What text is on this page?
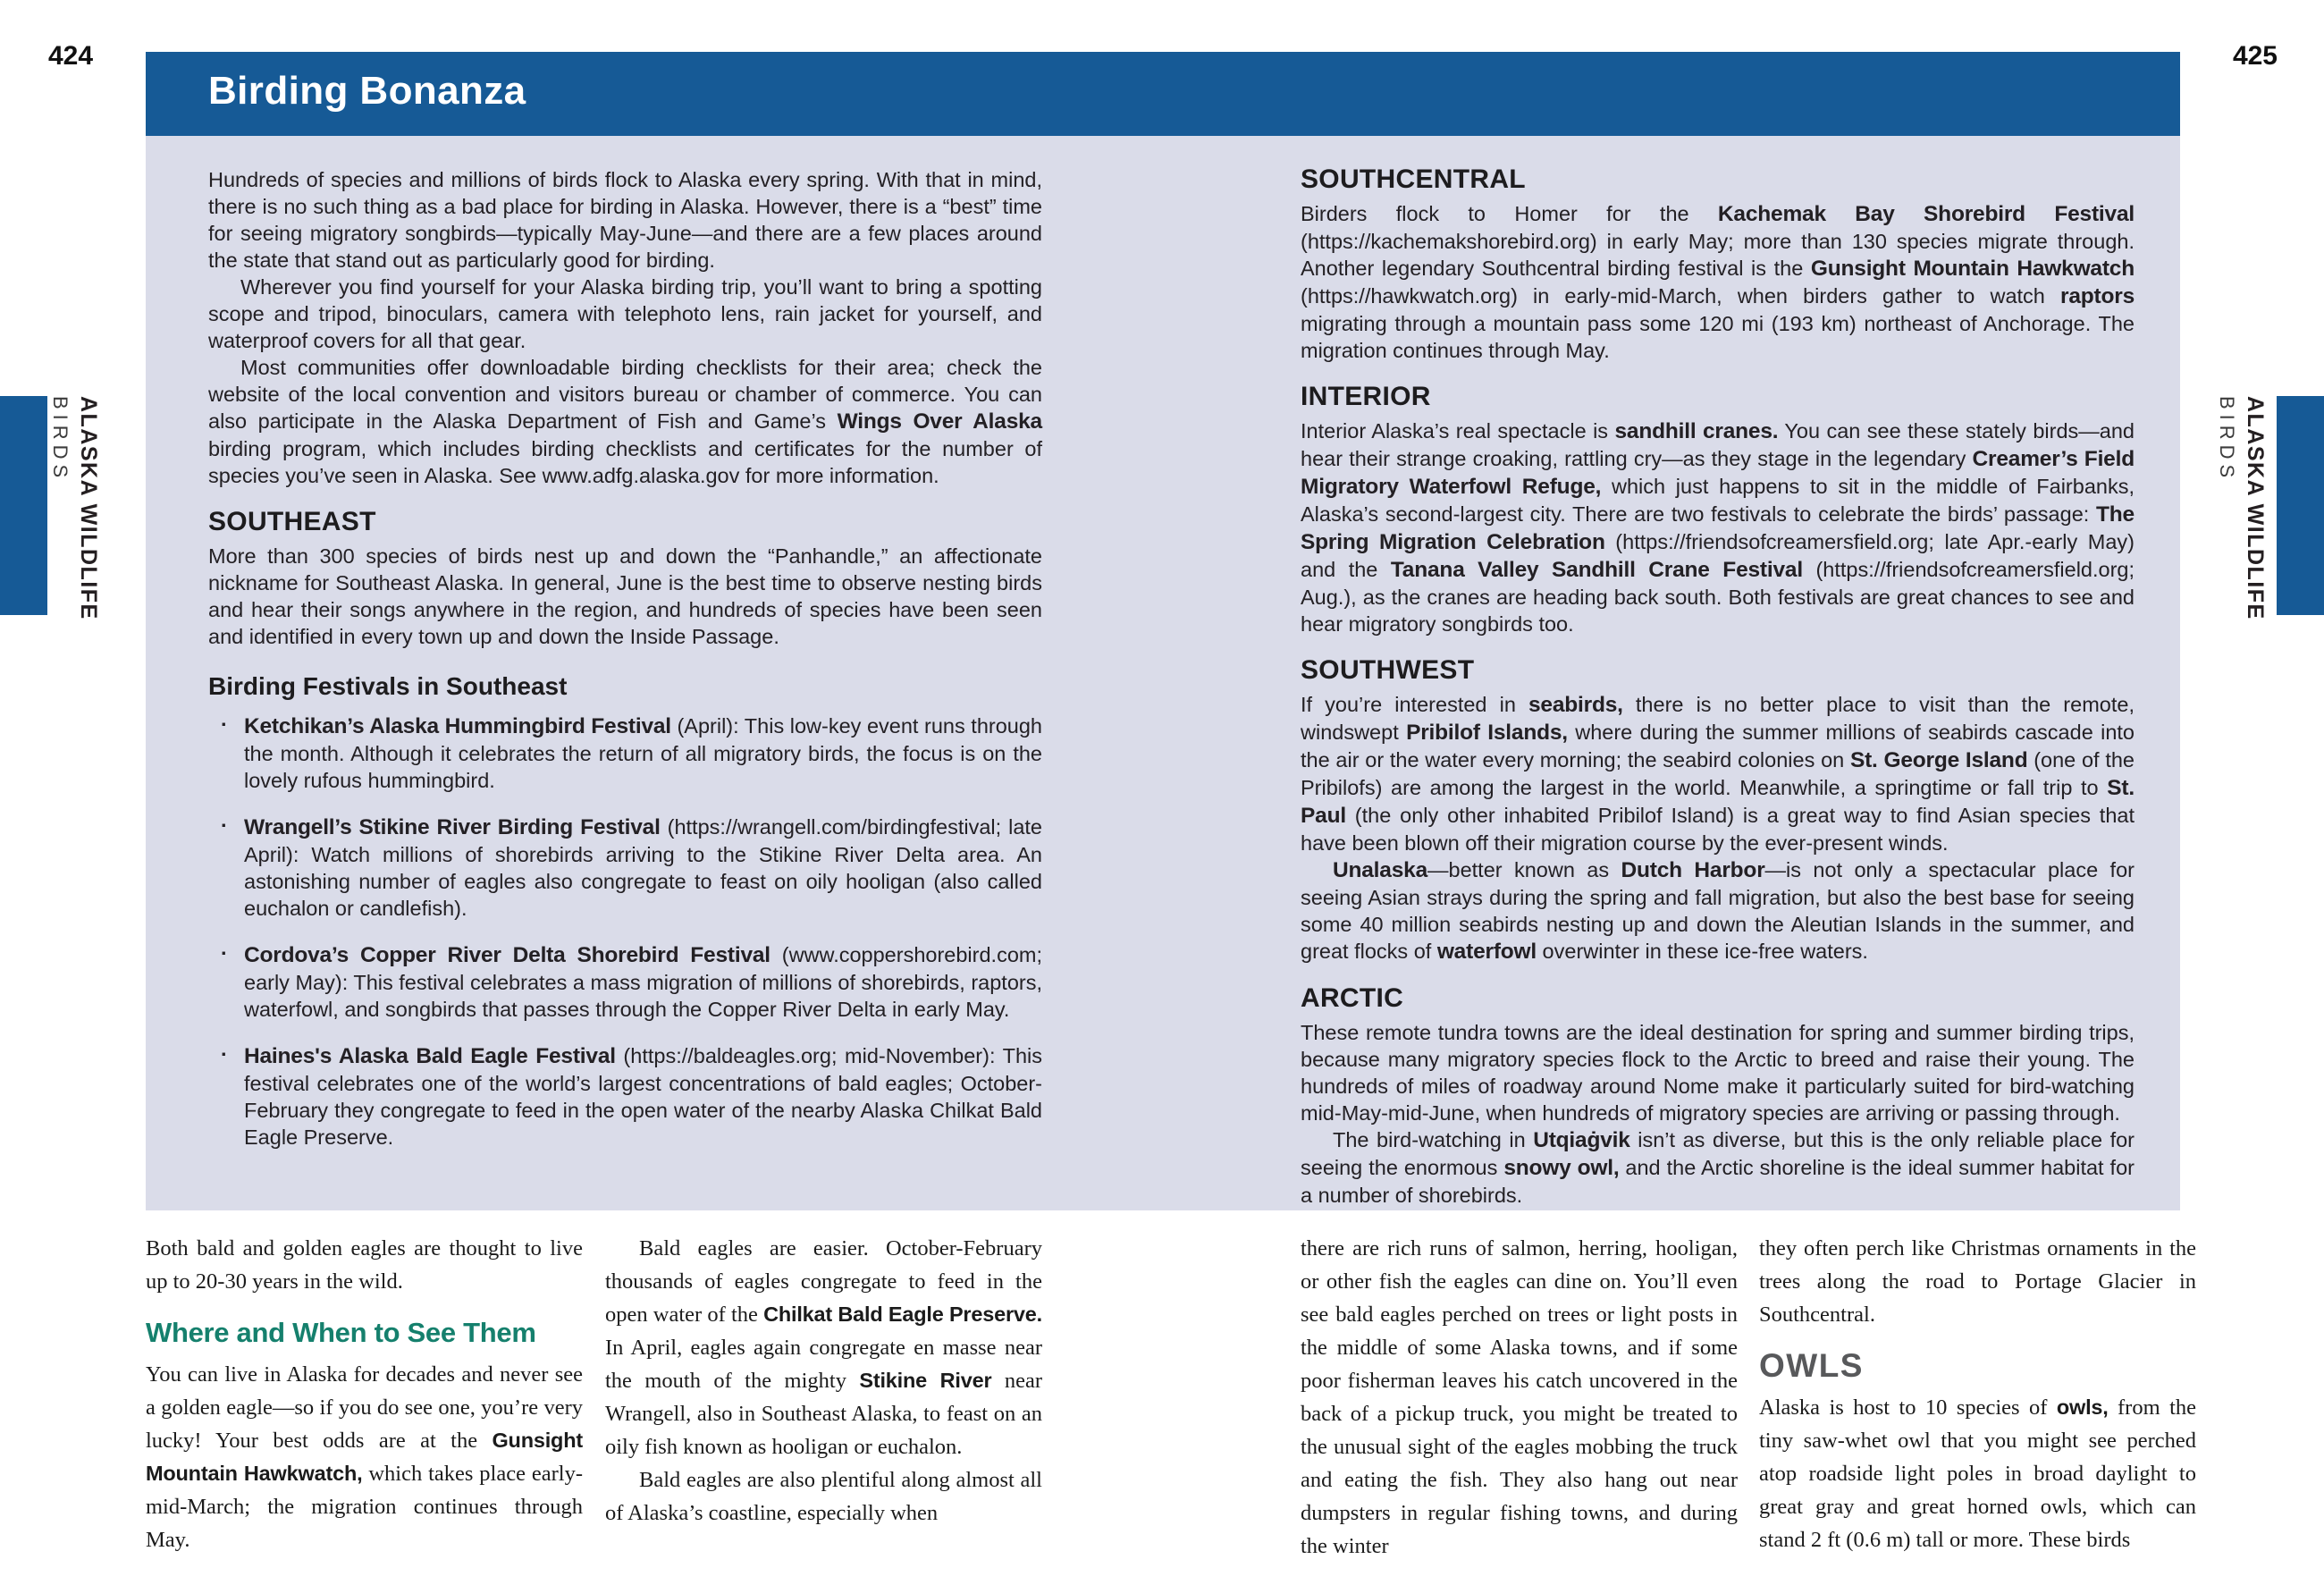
424	425
Birding Bonanza

Hundreds of species and millions of birds flock to Alaska every spring. With that in mind, there is no such thing as a bad place for birding in Alaska. However, there is a “best” time for seeing migratory songbirds—typically May-June—and there are a few places around the state that stand out as particularly good for birding.

Wherever you find yourself for your Alaska birding trip, you’ll want to bring a spotting scope and tripod, binoculars, camera with telephoto lens, rain jacket for yourself, and waterproof covers for all that gear.

Most communities offer downloadable birding checklists for their area; check the website of the local convention and visitors bureau or chamber of commerce. You can also participate in the Alaska Department of Fish and Game’s Wings Over Alaska birding program, which includes birding checklists and certificates for the number of species you’ve seen in Alaska. See www.adfg.alaska.gov for more information.

SOUTHEAST

More than 300 species of birds nest up and down the “Panhandle,” an affectionate nickname for Southeast Alaska. In general, June is the best time to observe nesting birds and hear their songs anywhere in the region, and hundreds of species have been seen and identified in every town up and down the Inside Passage.

Birding Festivals in Southeast
· Ketchikan’s Alaska Hummingbird Festival (April): This low-key event runs through the month. Although it celebrates the return of all migratory birds, the focus is on the lovely rufous hummingbird.
· Wrangell’s Stikine River Birding Festival (https://wrangell.com/birdingfestival; late April): Watch millions of shorebirds arriving to the Stikine River Delta area. An astonishing number of eagles also congregate to feast on oily hooligan (also called euchalon or candlefish).
· Cordova’s Copper River Delta Shorebird Festival (www.coppershorebird.com; early May): This festival celebrates a mass migration of millions of shorebirds, raptors, waterfowl, and songbirds that passes through the Copper River Delta in early May.
· Haines's Alaska Bald Eagle Festival (https://baldeagles.org; mid-November): This festival celebrates one of the world’s largest concentrations of bald eagles; October-February they congregate to feed in the open water of the nearby Alaska Chilkat Bald Eagle Preserve.
SOUTHCENTRAL

Birders flock to Homer for the Kachemak Bay Shorebird Festival (https://kachemakshorebird.org) in early May; more than 130 species migrate through. Another legendary Southcentral birding festival is the Gunsight Mountain Hawkwatch (https://hawkwatch.org) in early-mid-March, when birders gather to watch raptors migrating through a mountain pass some 120 mi (193 km) northeast of Anchorage. The migration continues through May.

INTERIOR

Interior Alaska’s real spectacle is sandhill cranes. You can see these stately birds—and hear their strange croaking, rattling cry—as they stage in the legendary Creamer’s Field Migratory Waterfowl Refuge, which just happens to sit in the middle of Fairbanks, Alaska’s second-largest city. There are two festivals to celebrate the birds’ passage: The Spring Migration Celebration (https://friendsofcreamersfield.org; late Apr.-early May) and the Tanana Valley Sandhill Crane Festival (https://friendsofcreamersfield.org; Aug.), as the cranes are heading back south. Both festivals are great chances to see and hear migratory songbirds too.

SOUTHWEST

If you’re interested in seabirds, there is no better place to visit than the remote, windswept Pribilof Islands, where during the summer millions of seabirds cascade into the air or the water every morning; the seabird colonies on St. George Island (one of the Pribilofs) are among the largest in the world. Meanwhile, a springtime or fall trip to St. Paul (the only other inhabited Pribilof Island) is a great way to find Asian species that have been blown off their migration course by the ever-present winds.

Unalaska—better known as Dutch Harbor—is not only a spectacular place for seeing Asian strays during the spring and fall migration, but also the best base for seeing some 40 million seabirds nesting up and down the Aleutian Islands in the summer, and great flocks of waterfowl overwinter in these ice-free waters.

ARCTIC

These remote tundra towns are the ideal destination for spring and summer birding trips, because many migratory species flock to the Arctic to breed and raise their young. The hundreds of miles of roadway around Nome make it particularly suited for bird-watching mid-May-mid-June, when hundreds of migratory species are arriving or passing through.

The bird-watching in Utqiaġvik isn’t as diverse, but this is the only reliable place for seeing the enormous snowy owl, and the Arctic shoreline is the ideal summer habitat for a number of shorebirds.

Both bald and golden eagles are thought to live up to 20-30 years in the wild.

Where and When to See Them

You can live in Alaska for decades and never see a golden eagle—so if you do see one, you’re very lucky! Your best odds are at the Gunsight Mountain Hawkwatch, which takes place early-mid-March; the migration continues through May.

Bald eagles are easier. October-February thousands of eagles congregate to feed in the open water of the Chilkat Bald Eagle Preserve. In April, eagles again congregate en masse near the mouth of the mighty Stikine River near Wrangell, also in Southeast Alaska, to feast on an oily fish known as hooligan or euchalon.

Bald eagles are also plentiful along almost all of Alaska’s coastline, especially when

there are rich runs of salmon, herring, hooligan, or other fish the eagles can dine on. You’ll even see bald eagles perched on trees or light posts in the middle of some Alaska towns, and if some poor fisherman leaves his catch uncovered in the back of a pickup truck, you might be treated to the unusual sight of the eagles mobbing the truck and eating the fish. They also hang out near dumpsters in regular fishing towns, and during the winter

they often perch like Christmas ornaments in the trees along the road to Portage Glacier in Southcentral.

OWLS

Alaska is host to 10 species of owls, from the tiny saw-whet owl that you might see perched atop roadside light poles in broad daylight to great gray and great horned owls, which can stand 2 ft (0.6 m) tall or more. These birds

ALASKA WILDLIFE
BIRDS	ALASKA WILDLIFE
BIRDS
